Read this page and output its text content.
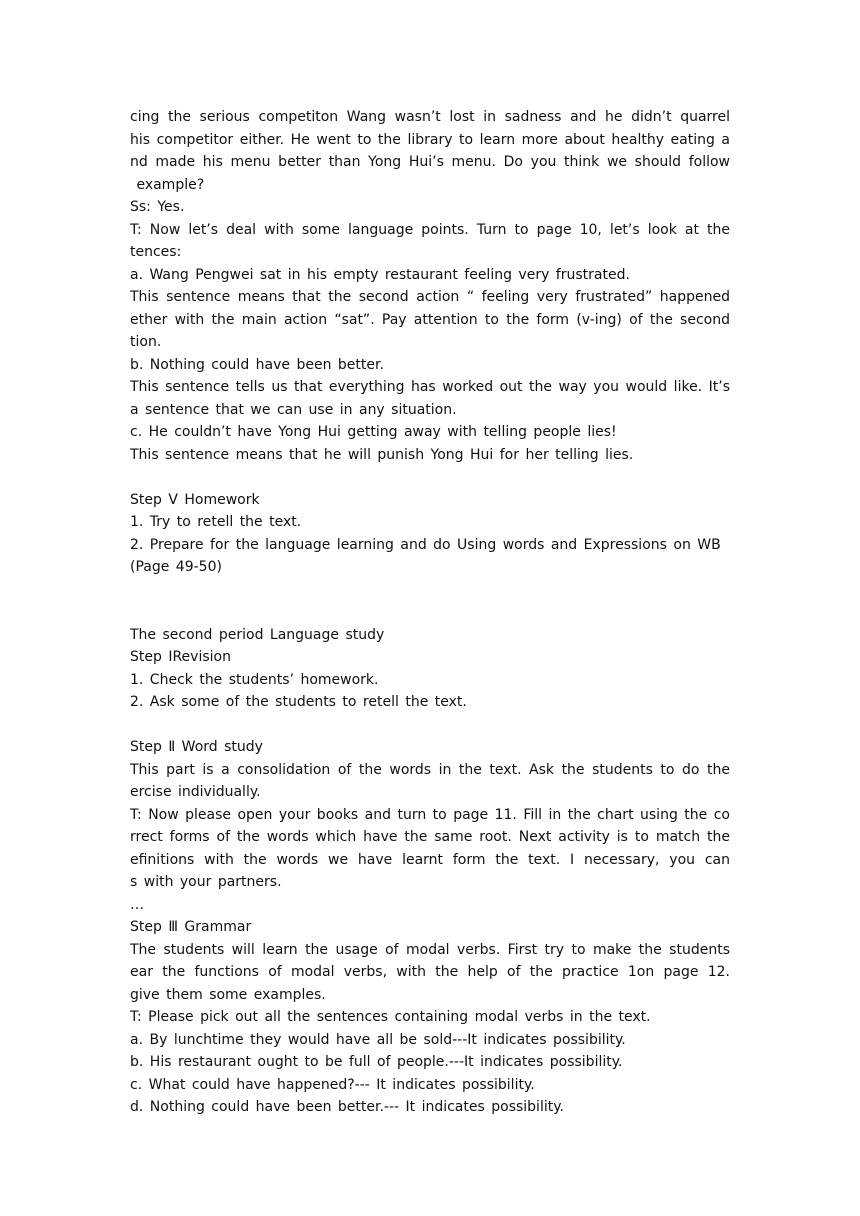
cing the serious competiton Wang wasn’t lost in sadness and he didn’t quarrel
his competitor either. He went to the library to learn more about healthy eating a
nd made his menu better than Yong Hui’s menu. Do you think we should follow
example?
Ss: Yes.
T: Now let’s deal with some language points. Turn to page 10, let’s look at the
tences:
a. Wang Pengwei sat in his empty restaurant feeling very frustrated.
This sentence means that the second action “ feeling very frustrated” happened
ether with the main action “sat”. Pay attention to the form (v-ing) of the second
tion.
b. Nothing could have been better.
This sentence tells us that everything has worked out the way you would like. It’s
a sentence that we can use in any situation.
c. He couldn’t have Yong Hui getting away with telling people lies!
This sentence means that he will punish Yong Hui for her telling lies.
Step Ⅴ Homework
1. Try to retell the text.
2. Prepare for the language learning and do Using words and Expressions on WB
(Page 49-50)
The second period Language study
Step ⅠRevision
1. Check the students’ homework.
2. Ask some of the students to retell the text.
Step Ⅱ Word study
This part is a consolidation of the words in the text. Ask the students to do the
ercise individually.
T: Now please open your books and turn to page 11. Fill in the chart using the co
rrect forms of the words which have the same root. Next activity is to match the
efinitions with the words we have learnt form the text. I necessary, you can
s with your partners.
…
Step Ⅲ Grammar
The students will learn the usage of modal verbs. First try to make the students
ear the functions of modal verbs, with the help of the practice 1on page 12.
give them some examples.
T: Please pick out all the sentences containing modal verbs in the text.
a. By lunchtime they would have all be sold---It indicates possibility.
b. His restaurant ought to be full of people.---It indicates possibility.
c. What could have happened?--- It indicates possibility.
d. Nothing could have been better.--- It indicates possibility.
